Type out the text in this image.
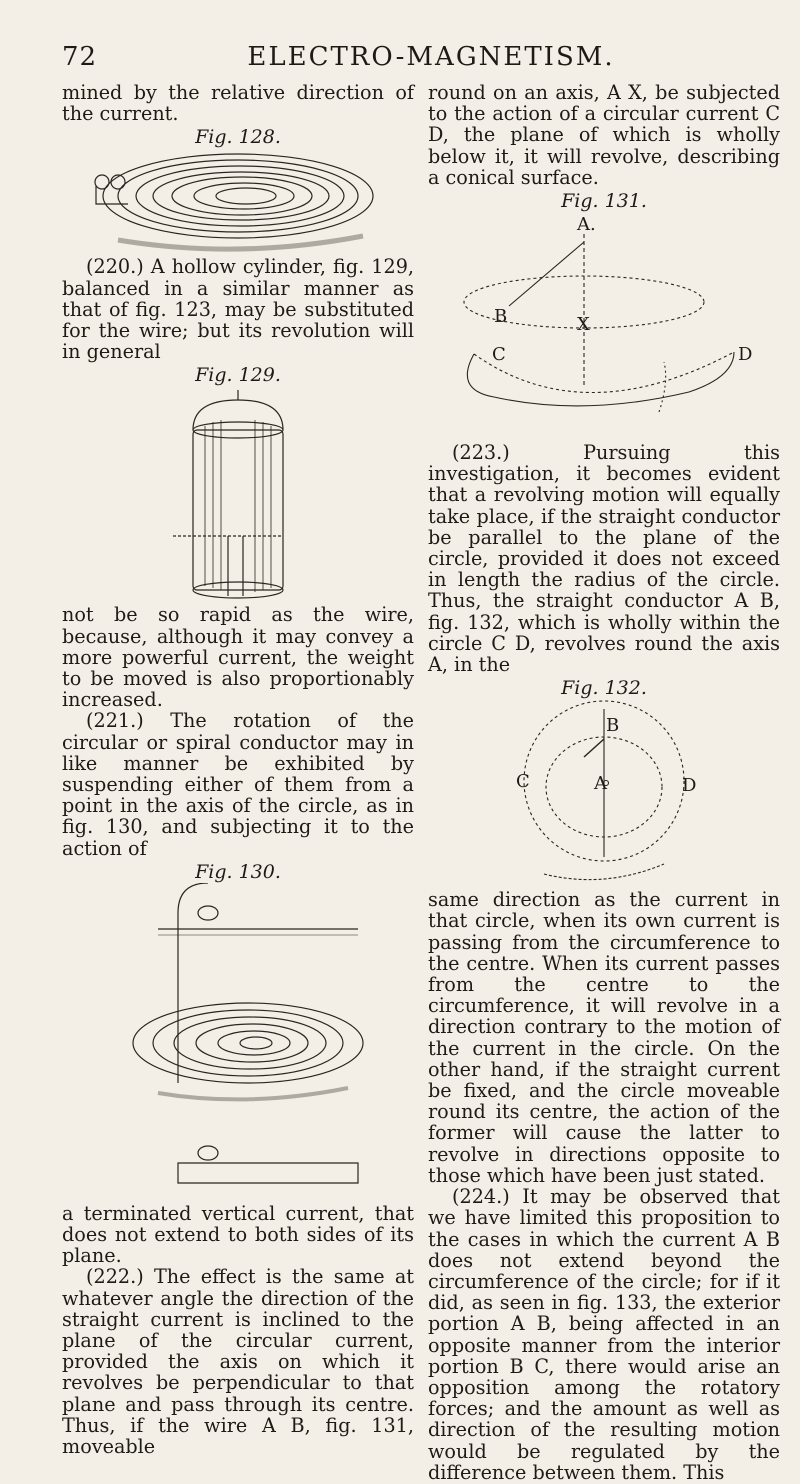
72	ELECTRO-MAGNETISM.

mined by the relative direction of the current.

Fig. 128.

(220.) A hollow cylinder, fig. 129, balanced in a similar manner as that of fig. 123, may be substituted for the wire; but its revolution will in general

Fig. 129.

not be so rapid as the wire, because, although it may convey a more powerful current, the weight to be moved is also proportionably increased.

(221.) The rotation of the circular or spiral conductor may in like manner be exhibited by suspending either of them from a point in the axis of the circle, as in fig. 130, and subjecting it to the action of

Fig. 130.

a terminated vertical current, that does not extend to both sides of its plane.

(222.) The effect is the same at whatever angle the direction of the straight current is inclined to the plane of the circular current, provided the axis on which it revolves be perpendicular to that plane and pass through its centre. Thus, if the wire A B, fig. 131, moveable

round on an axis, A X, be subjected to the action of a circular current C D, the plane of which is wholly below it, it will revolve, describing a conical surface.

Fig. 131.
A.
B
C
X
D

(223.) Pursuing this investigation, it becomes evident that a revolving motion will equally take place, if the straight conductor be parallel to the plane of the circle, provided it does not exceed in length the radius of the circle. Thus, the straight conductor A B, fig. 132, which is wholly within the circle C D, revolves round the axis A, in the

Fig. 132.
B
A
C	D

same direction as the current in that circle, when its own current is passing from the circumference to the centre. When its current passes from the centre to the circumference, it will revolve in a direction contrary to the motion of the current in the circle. On the other hand, if the straight current be fixed, and the circle moveable round its centre, the action of the former will cause the latter to revolve in directions opposite to those which have been just stated.

(224.) It may be observed that we have limited this proposition to the cases in which the current A B does not extend beyond the circumference of the circle; for if it did, as seen in fig. 133, the exterior portion A B, being affected in an opposite manner from the interior portion B C, there would arise an opposition among the rotatory forces; and the amount as well as direction of the resulting motion would be regulated by the difference between them. This
